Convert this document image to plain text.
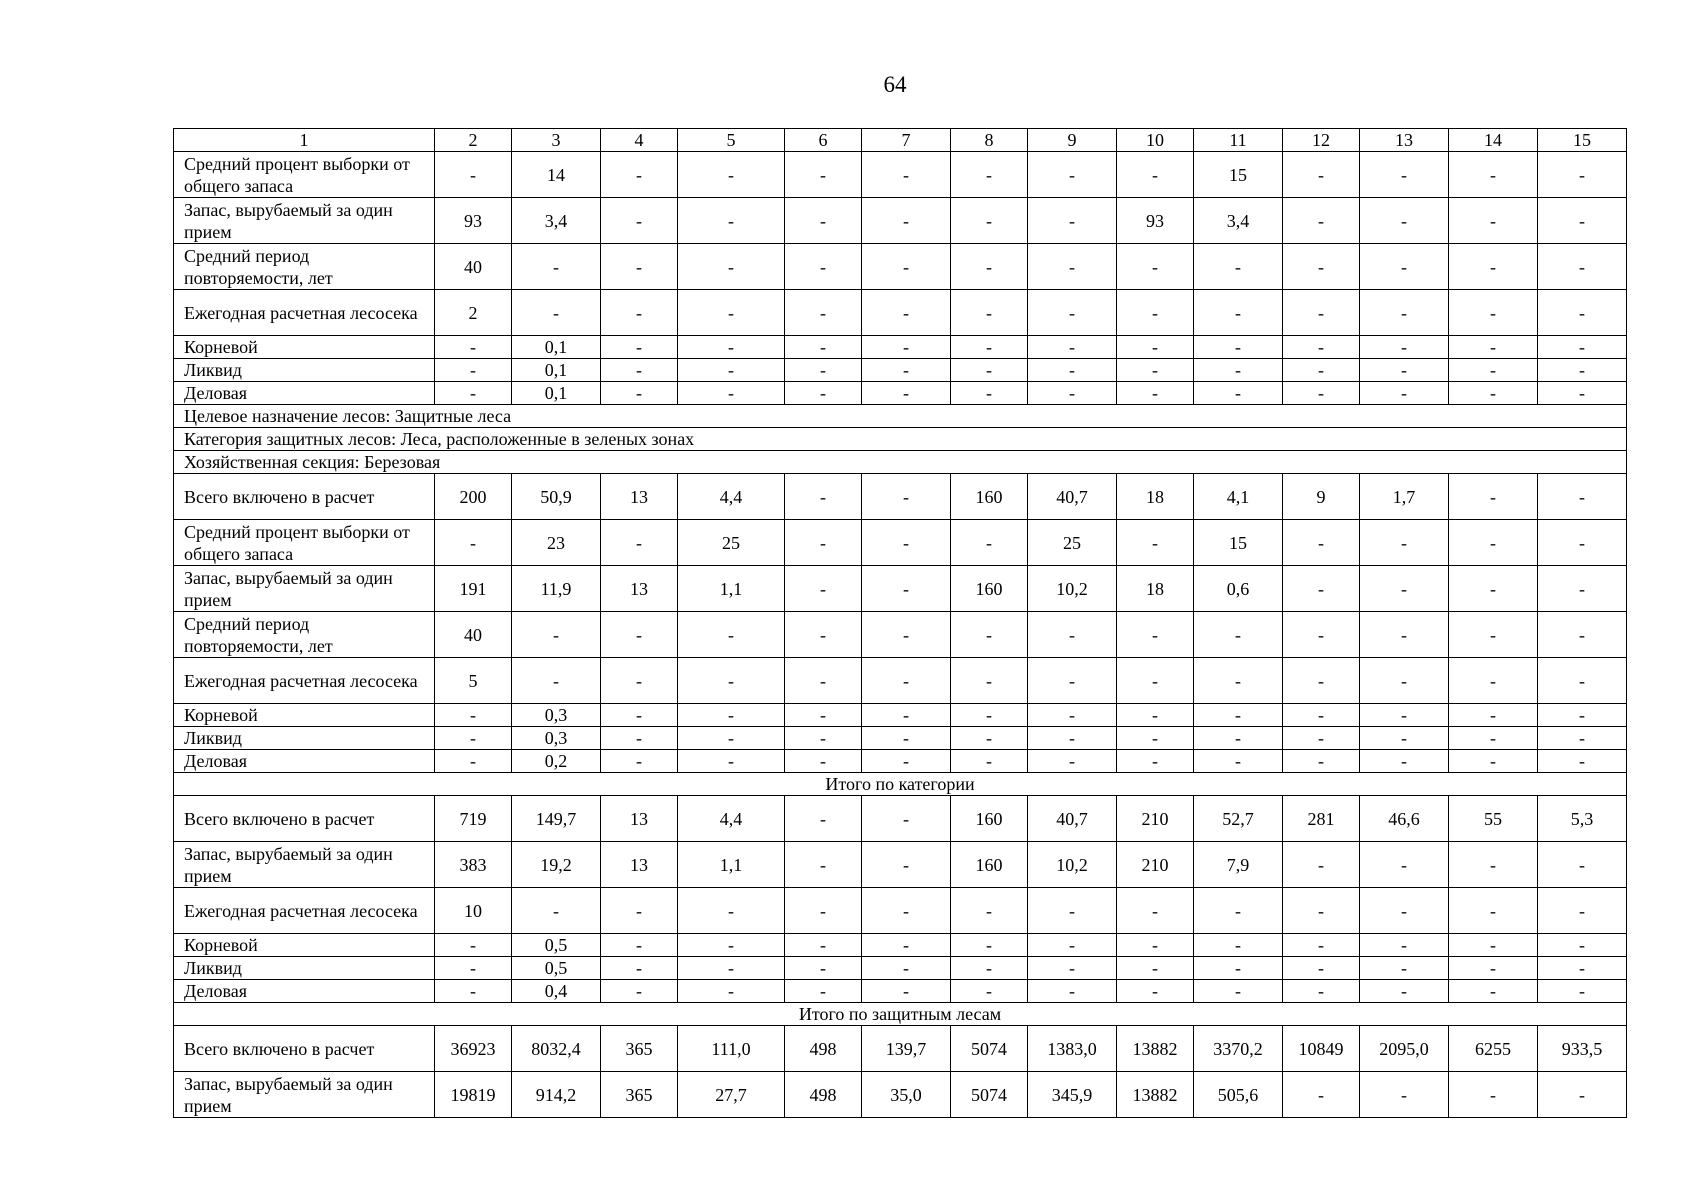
64
1	2	3	4	5	6	7	8	9	10	11	12	13	14	15
Средний процент выборки от общего запаса	-	14	-	-	-	-	-	-	-	15	-	-	-	-
Запас, вырубаемый за один прием	93	3,4	-	-	-	-	-	-	93	3,4	-	-	-	-
Средний период повторяемости, лет	40	-	-	-	-	-	-	-	-	-	-	-	-	-
Ежегодная расчетная лесосека	2	-	-	-	-	-	-	-	-	-	-	-	-	-
Корневой	-	0,1	-	-	-	-	-	-	-	-	-	-	-	-
Ликвид	-	0,1	-	-	-	-	-	-	-	-	-	-	-	-
Деловая	-	0,1	-	-	-	-	-	-	-	-	-	-	-	-
Целевое назначение лесов: Защитные леса														
Категория защитных лесов: Леса, расположенные в зеленых зонах														
Хозяйственная секция: Березовая														
Всего включено в расчет	200	50,9	13	4,4	-	-	160	40,7	18	4,1	9	1,7	-	-
Средний процент выборки от общего запаса	-	23	-	25	-	-	-	25	-	15	-	-	-	-
Запас, вырубаемый за один прием	191	11,9	13	1,1	-	-	160	10,2	18	0,6	-	-	-	-
Средний период повторяемости, лет	40	-	-	-	-	-	-	-	-	-	-	-	-	-
Ежегодная расчетная лесосека	5	-	-	-	-	-	-	-	-	-	-	-	-	-
Корневой	-	0,3	-	-	-	-	-	-	-	-	-	-	-	-
Ликвид	-	0,3	-	-	-	-	-	-	-	-	-	-	-	-
Деловая	-	0,2	-	-	-	-	-	-	-	-	-	-	-	-
Итого по категории														
Всего включено в расчет	719	149,7	13	4,4	-	-	160	40,7	210	52,7	281	46,6	55	5,3
Запас, вырубаемый за один прием	383	19,2	13	1,1	-	-	160	10,2	210	7,9	-	-	-	-
Ежегодная расчетная лесосека	10	-	-	-	-	-	-	-	-	-	-	-	-	-
Корневой	-	0,5	-	-	-	-	-	-	-	-	-	-	-	-
Ликвид	-	0,5	-	-	-	-	-	-	-	-	-	-	-	-
Деловая	-	0,4	-	-	-	-	-	-	-	-	-	-	-	-
Итого по защитным лесам														
Всего включено в расчет	36923	8032,4	365	111,0	498	139,7	5074	1383,0	13882	3370,2	10849	2095,0	6255	933,5
Запас, вырубаемый за один прием	19819	914,2	365	27,7	498	35,0	5074	345,9	13882	505,6	-	-	-	-
